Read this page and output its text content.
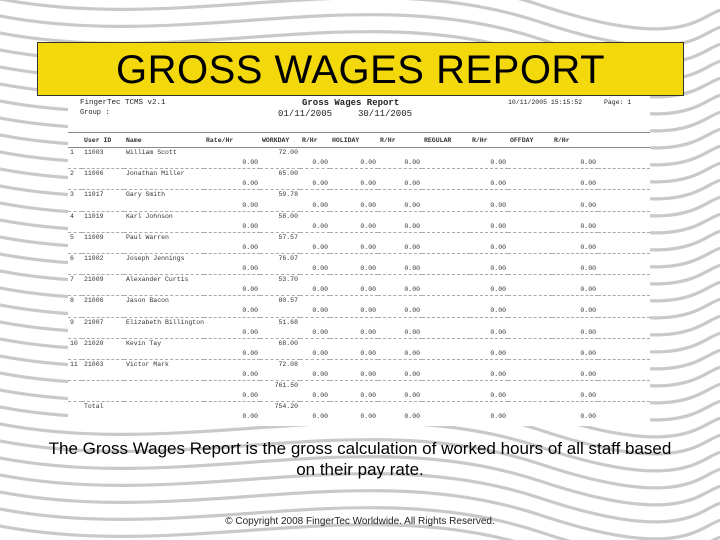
GROSS WAGES REPORT
FingerTec TCMS v2.1
Group :
Gross Wages Report
01/11/2005	30/11/2005
10/11/2005 15:15:52	Page: 1
	User ID	Name	Rate/Hr	WORKDAY	R/Hr	HOLIDAY	R/Hr	REGULAR	R/Hr	OFFDAY	R/Hr	
1	11003	William Scott		72.00								
			0.00		0.00	0.00	0.00		0.00		0.00	
2	11006	Jonathan Miller		65.00								
			0.00		0.00	0.00	0.00		0.00		0.00	
3	11017	Gary Smith		59.78								
			0.00		0.00	0.00	0.00		0.00		0.00	
4	11019	Karl Johnson		58.00								
			0.00		0.00	0.00	0.00		0.00		0.00	
5	11009	Paul Warren		57.57								
			0.00		0.00	0.00	0.00		0.00		0.00	
6	11002	Joseph Jennings		76.07								
			0.00		0.00	0.00	0.00		0.00		0.00	
7	21009	Alexander Curtis		53.70								
			0.00		0.00	0.00	0.00		0.00		0.00	
8	21006	Jason Bacon		80.57								
			0.00		0.00	0.00	0.00		0.00		0.00	
9	21007	Elizabeth Billington		51.68								
			0.00		0.00	0.00	0.00		0.00		0.00	
10	21020	Kevin Tay		68.00								
			0.00		0.00	0.00	0.00		0.00		0.00	
11	21003	Victor Mark		72.08								
			0.00		0.00	0.00	0.00		0.00		0.00	
				761.50								
			0.00		0.00	0.00	0.00		0.00		0.00	
	Total			754.20								
			0.00		0.00	0.00	0.00		0.00		0.00	
The Gross Wages Report is the gross calculation of worked hours of all staff based on their pay rate.
© Copyright 2008 FingerTec Worldwide. All Rights Reserved.
